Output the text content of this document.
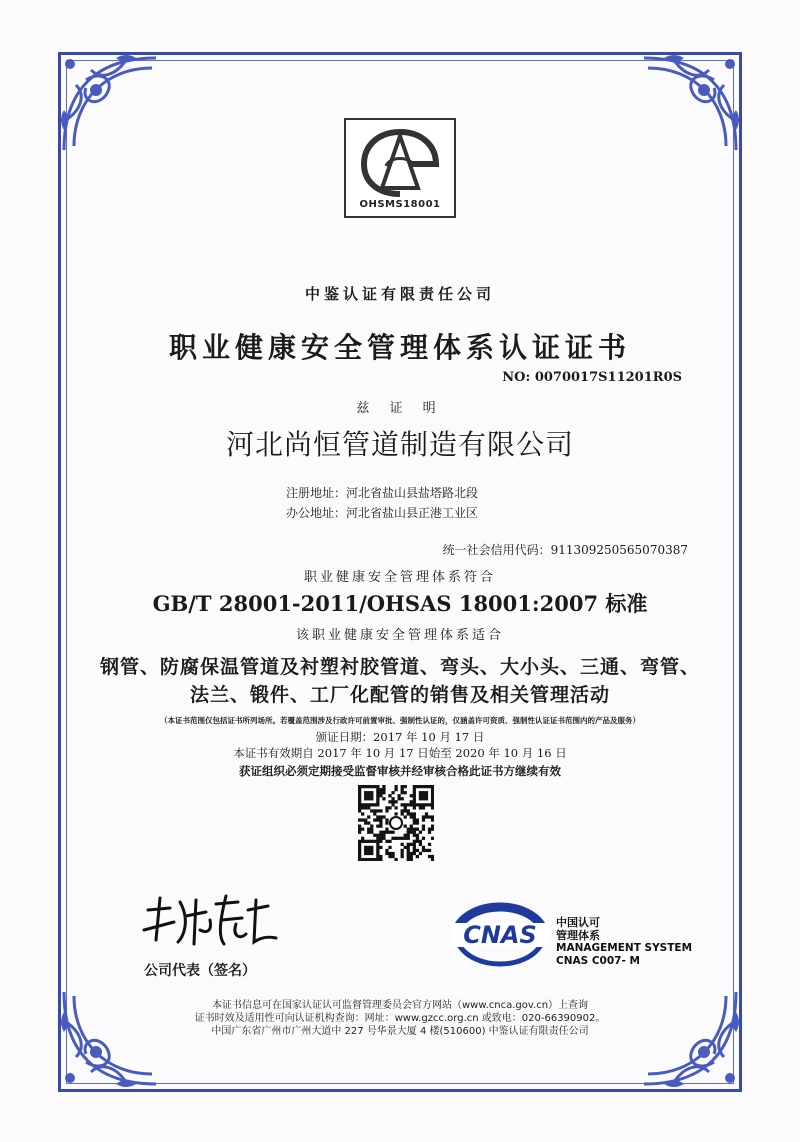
OHSMS18001
中鉴认证有限责任公司
职业健康安全管理体系认证证书
NO: 0070017S11201R0S
兹 证 明
河北尚恒管道制造有限公司
注册地址：河北省盐山县盐塔路北段
办公地址：河北省盐山县正港工业区
统一社会信用代码：911309250565070387
职业健康安全管理体系符合
GB/T 28001-2011/OHSAS 18001:2007 标准
该职业健康安全管理体系适合
钢管、防腐保温管道及衬塑衬胶管道、弯头、大小头、三通、弯管、
法兰、锻件、工厂化配管的销售及相关管理活动
（本证书范围仅包括证书所列场所。若覆盖范围涉及行政许可前置审批、强制性认证的，仅涵盖许可资质、强制性认证证书范围内的产品及服务）
颁证日期：2017 年 10 月 17 日
本证书有效期自 2017 年 10 月 17 日始至 2020 年 10 月 16 日
获证组织必须定期接受监督审核并经审核合格此证书方继续有效
公司代表（签名）
CNAS 中国认可
管理体系
MANAGEMENT SYSTEM
CNAS C007- M
本证书信息可在国家认证认可监督管理委员会官方网站（www.cnca.gov.cn）上查询
证书时效及适用性可向认证机构查询：网址：www.gzcc.org.cn 或致电：020-66390902。
中国广东省广州市广州大道中 227 号华景大厦 4 楼(510600) 中鉴认证有限责任公司
